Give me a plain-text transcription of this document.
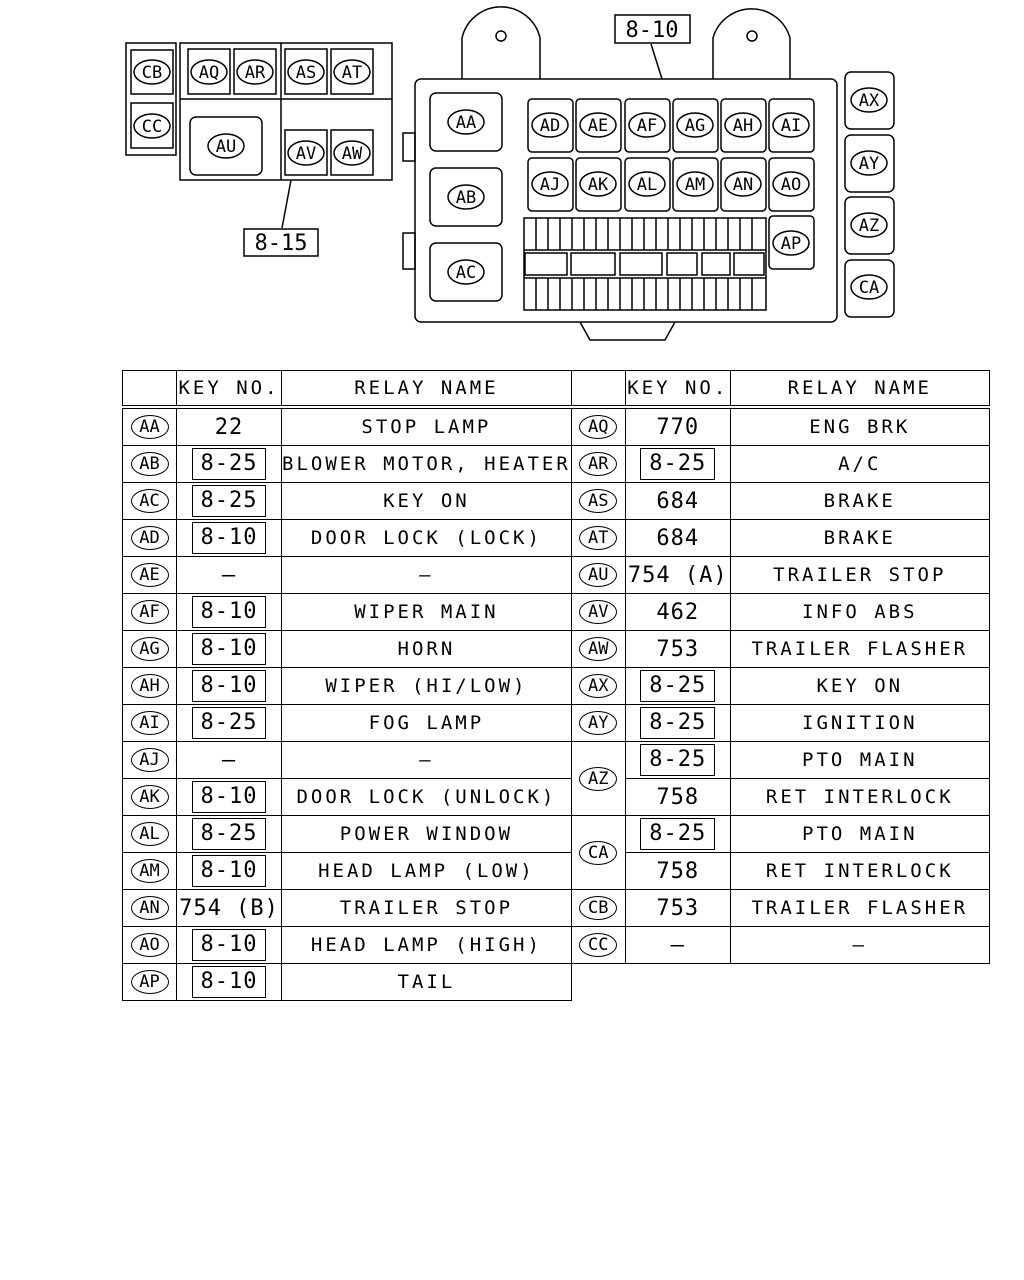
CB
CC
AQ AR AS AT
AU	AV AW
AA
AB
AC
AD AE AF AG AH AI
AJ AK AL AM AN AO
AP
AX
AY
AZ
CA
8-15
8-10
	KEY NO.	RELAY NAME		KEY NO.	RELAY NAME
AA	22	STOP LAMP	AQ	770	ENG BRK
AB	8-25	BLOWER MOTOR, HEATER	AR	8-25	A/C
AC	8-25	KEY ON	AS	684	BRAKE
AD	8-10	DOOR LOCK (LOCK)	AT	684	BRAKE
AE	—	—	AU	754 (A)	TRAILER STOP
AF	8-10	WIPER MAIN	AV	462	INFO ABS
AG	8-10	HORN	AW	753	TRAILER FLASHER
AH	8-10	WIPER (HI/LOW)	AX	8-25	KEY ON
AI	8-25	FOG LAMP	AY	8-25	IGNITION
AJ	—	—	AZ	8-25	PTO MAIN
AK	8-10	DOOR LOCK (UNLOCK)		758	RET INTERLOCK
AL	8-25	POWER WINDOW	CA	8-25	PTO MAIN
AM	8-10	HEAD LAMP (LOW)		758	RET INTERLOCK
AN	754 (B)	TRAILER STOP	CB	753	TRAILER FLASHER
AO	8-10	HEAD LAMP (HIGH)	CC	—	—
AP	8-10	TAIL			
